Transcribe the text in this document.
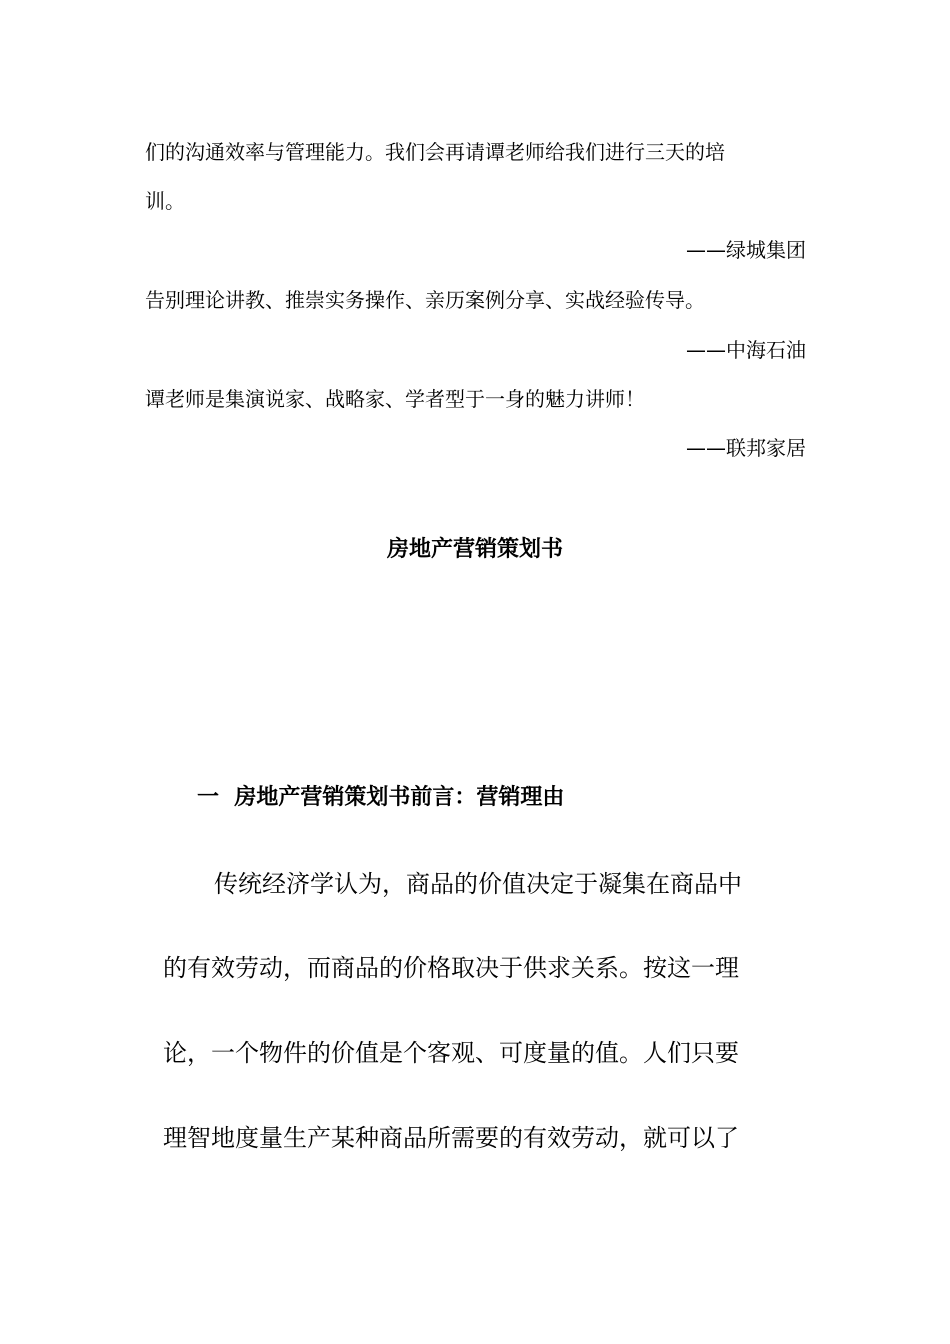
们的沟通效率与管理能力。我们会再请谭老师给我们进行三天的培
训。
——绿城集团
告别理论讲教、推崇实务操作、亲历案例分享、实战经验传导。
——中海石油
谭老师是集演说家、战略家、学者型于一身的魅力讲师！
——联邦家居
房地产营销策划书
一  房地产营销策划书前言：营销理由
传统经济学认为，商品的价值决定于凝集在商品中
的有效劳动，而商品的价格取决于供求关系。按这一理
论，一个物件的价值是个客观、可度量的值。人们只要
理智地度量生产某种商品所需要的有效劳动，就可以了
